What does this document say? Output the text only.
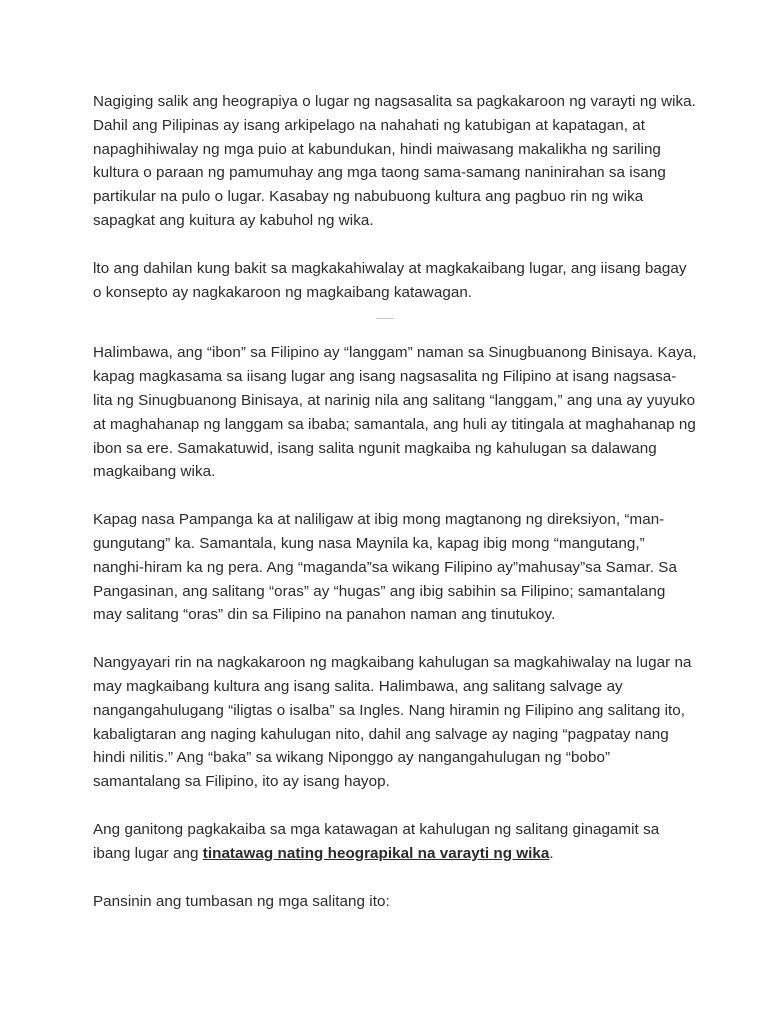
Nagiging salik ang heograpiya o lugar ng nagsasalita sa pagkakaroon ng varayti ng wika.
Dahil ang Pilipinas ay isang arkipelago na nahahati ng katubigan at kapatagan, at
napaghihiwalay ng mga puio at kabundukan, hindi maiwasang makalikha ng sariling
kultura o paraan ng pamumuhay ang mga taong sama-samang naninirahan sa isang
partikular na pulo o lugar. Kasabay ng nabubuong kultura ang pagbuo rin ng wika
sapagkat ang kuitura ay kabuhol ng wika.

lto ang dahilan kung bakit sa magkakahiwalay at magkakaibang lugar, ang iisang bagay
o konsepto ay nagkakaroon ng magkaibang katawagan.

Halimbawa, ang “ibon” sa Filipino ay “langgam” naman sa Sinugbuanong Binisaya. Kaya,
kapag magkasama sa iisang lugar ang isang nagsasalita ng Filipino at isang nagsasa-
lita ng Sinugbuanong Binisaya, at narinig nila ang salitang “langgam,” ang una ay yuyuko
at maghahanap ng langgam sa ibaba; samantala, ang huli ay titingala at maghahanap ng
ibon sa ere. Samakatuwid, isang salita ngunit magkaiba ng kahulugan sa dalawang
magkaibang wika.

Kapag nasa Pampanga ka at naliligaw at ibig mong magtanong ng direksiyon, “man-
gungutang” ka. Samantala, kung nasa Maynila ka, kapag ibig mong “mangutang,”
nanghi-hiram ka ng pera. Ang “maganda”sa wikang Filipino ay”mahusay”sa Samar. Sa
Pangasinan, ang salitang “oras” ay “hugas” ang ibig sabihin sa Filipino; samantalang
may salitang “oras” din sa Filipino na panahon naman ang tinutukoy.

Nangyayari rin na nagkakaroon ng magkaibang kahulugan sa magkahiwalay na lugar na
may magkaibang kultura ang isang salita. Halimbawa, ang salitang salvage ay
nangangahulugang “iligtas o isalba” sa Ingles. Nang hiramin ng Filipino ang salitang ito,
kabaligtaran ang naging kahulugan nito, dahil ang salvage ay naging “pagpatay nang
hindi nilitis.” Ang “baka” sa wikang Niponggo ay nangangahulugan ng “bobo”
samantalang sa Filipino, ito ay isang hayop.

Ang ganitong pagkakaiba sa mga katawagan at kahulugan ng salitang ginagamit sa
ibang lugar ang tinatawag nating heograpikal na varayti ng wika.

Pansinin ang tumbasan ng mga salitang ito:
